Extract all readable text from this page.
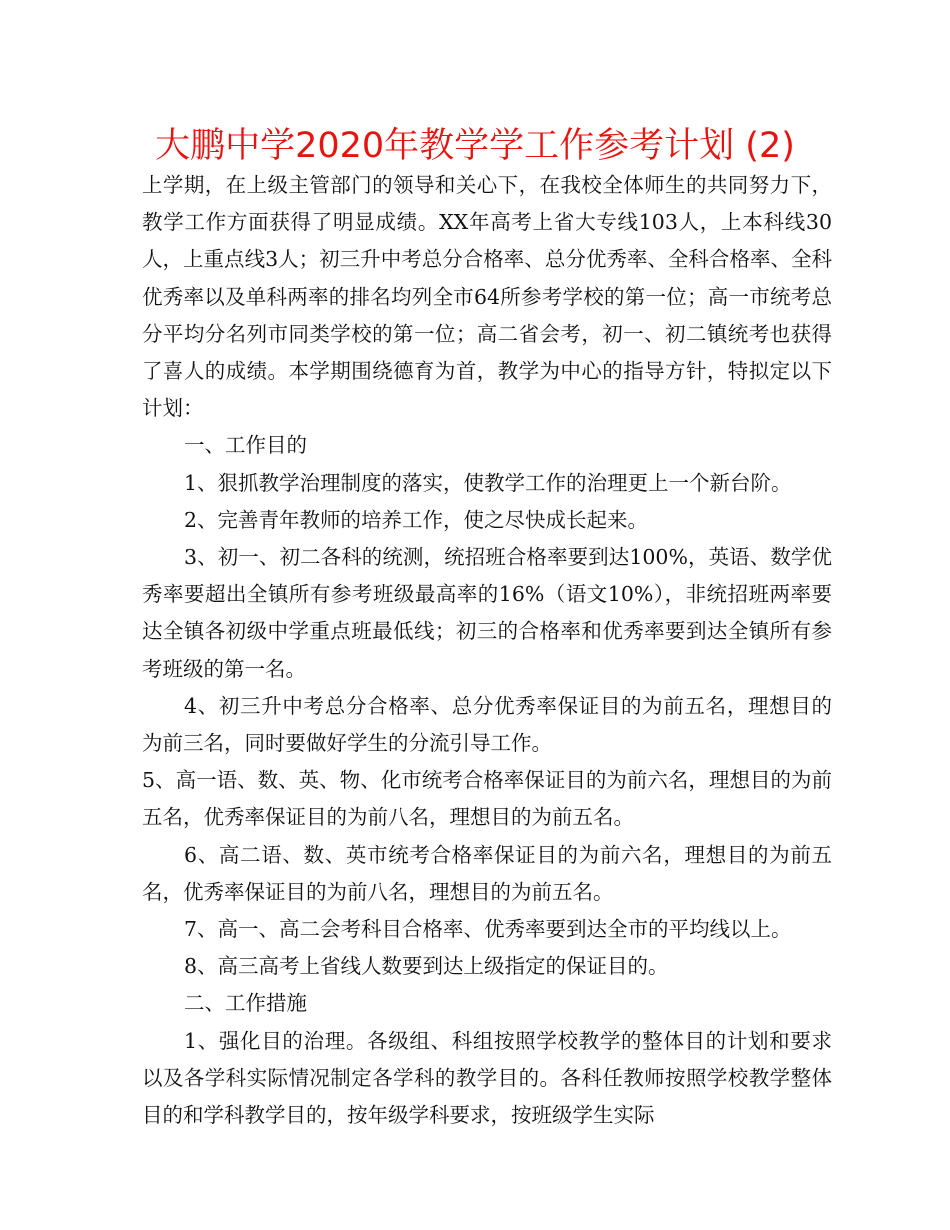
大鹏中学2020年教学学工作参考计划 (2)

上学期，在上级主管部门的领导和关心下，在我校全体师生的共同努力下，教学工作方面获得了明显成绩。XX年高考上省大专线103人，上本科线30人，上重点线3人；初三升中考总分合格率、总分优秀率、全科合格率、全科优秀率以及单科两率的排名均列全市64所参考学校的第一位；高一市统考总分平均分名列市同类学校的第一位；高二省会考，初一、初二镇统考也获得了喜人的成绩。本学期围绕德育为首，教学为中心的指导方针，特拟定以下计划：

一、工作目的

1、狠抓教学治理制度的落实，使教学工作的治理更上一个新台阶。

2、完善青年教师的培养工作，使之尽快成长起来。

3、初一、初二各科的统测，统招班合格率要到达100%，英语、数学优秀率要超出全镇所有参考班级最高率的16%（语文10%），非统招班两率要达全镇各初级中学重点班最低线；初三的合格率和优秀率要到达全镇所有参考班级的第一名。

4、初三升中考总分合格率、总分优秀率保证目的为前五名，理想目的为前三名，同时要做好学生的分流引导工作。

5、高一语、数、英、物、化市统考合格率保证目的为前六名，理想目的为前五名，优秀率保证目的为前八名，理想目的为前五名。

6、高二语、数、英市统考合格率保证目的为前六名，理想目的为前五名，优秀率保证目的为前八名，理想目的为前五名。

7、高一、高二会考科目合格率、优秀率要到达全市的平均线以上。

8、高三高考上省线人数要到达上级指定的保证目的。

二、工作措施

1、强化目的治理。各级组、科组按照学校教学的整体目的计划和要求以及各学科实际情况制定各学科的教学目的。各科任教师按照学校教学整体目的和学科教学目的，按年级学科要求，按班级学生实际
